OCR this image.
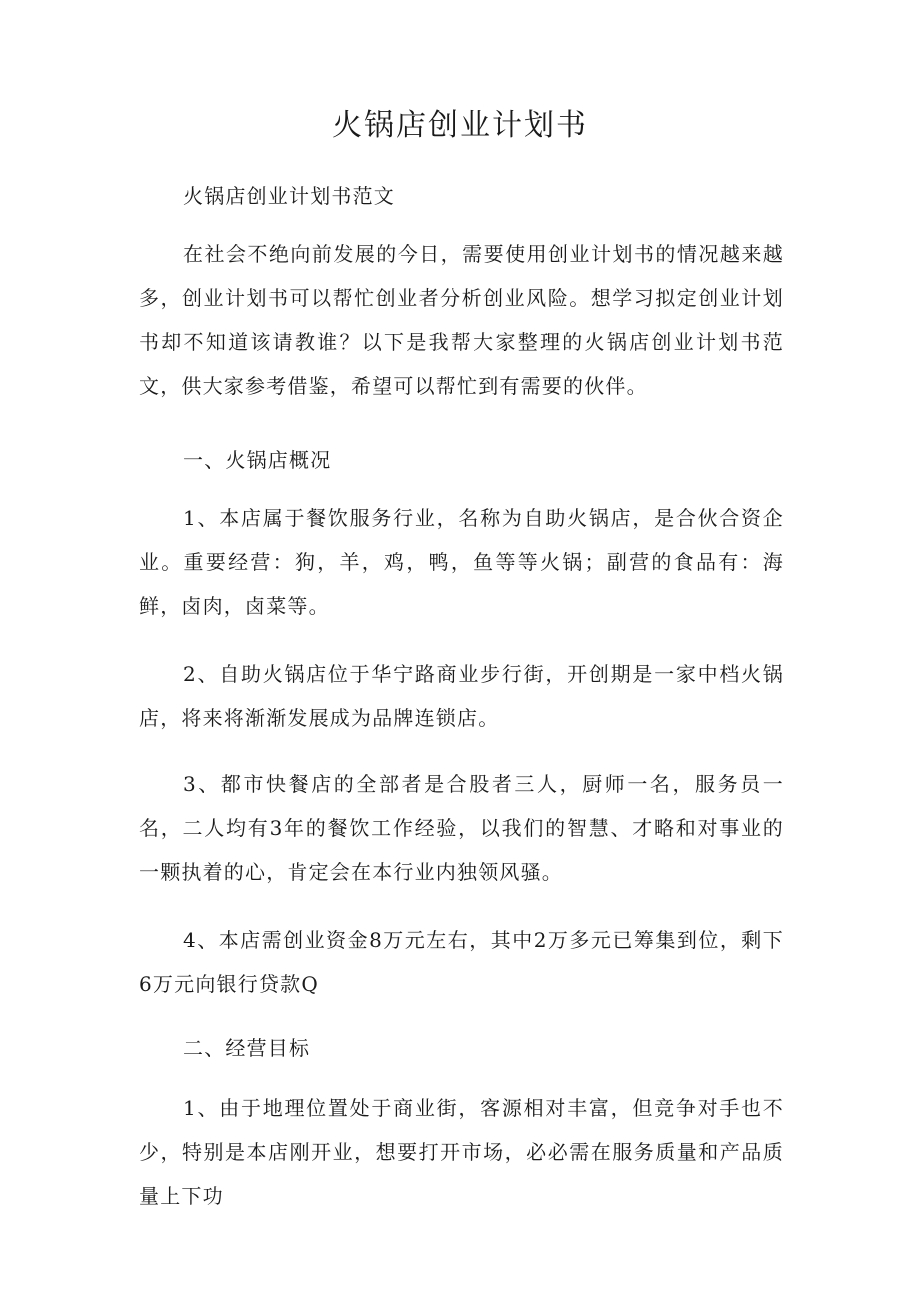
火锅店创业计划书

火锅店创业计划书范文

在社会不绝向前发展的今日，需要使用创业计划书的情况越来越多，创业计划书可以帮忙创业者分析创业风险。想学习拟定创业计划书却不知道该请教谁？以下是我帮大家整理的火锅店创业计划书范文，供大家参考借鉴，希望可以帮忙到有需要的伙伴。

一、火锅店概况

1、本店属于餐饮服务行业，名称为自助火锅店，是合伙合资企业。重要经营：狗，羊，鸡，鸭，鱼等等火锅；副营的食品有：海鲜，卤肉，卤菜等。

2、自助火锅店位于华宁路商业步行街，开创期是一家中档火锅店，将来将渐渐发展成为品牌连锁店。

3、都市快餐店的全部者是合股者三人，厨师一名，服务员一名，二人均有3年的餐饮工作经验，以我们的智慧、才略和对事业的一颗执着的心，肯定会在本行业内独领风骚。

4、本店需创业资金8万元左右，其中2万多元已筹集到位，剩下6万元向银行贷款Q

二、经营目标

1、由于地理位置处于商业街，客源相对丰富，但竞争对手也不少，特别是本店刚开业，想要打开市场，必必需在服务质量和产品质量上下功
